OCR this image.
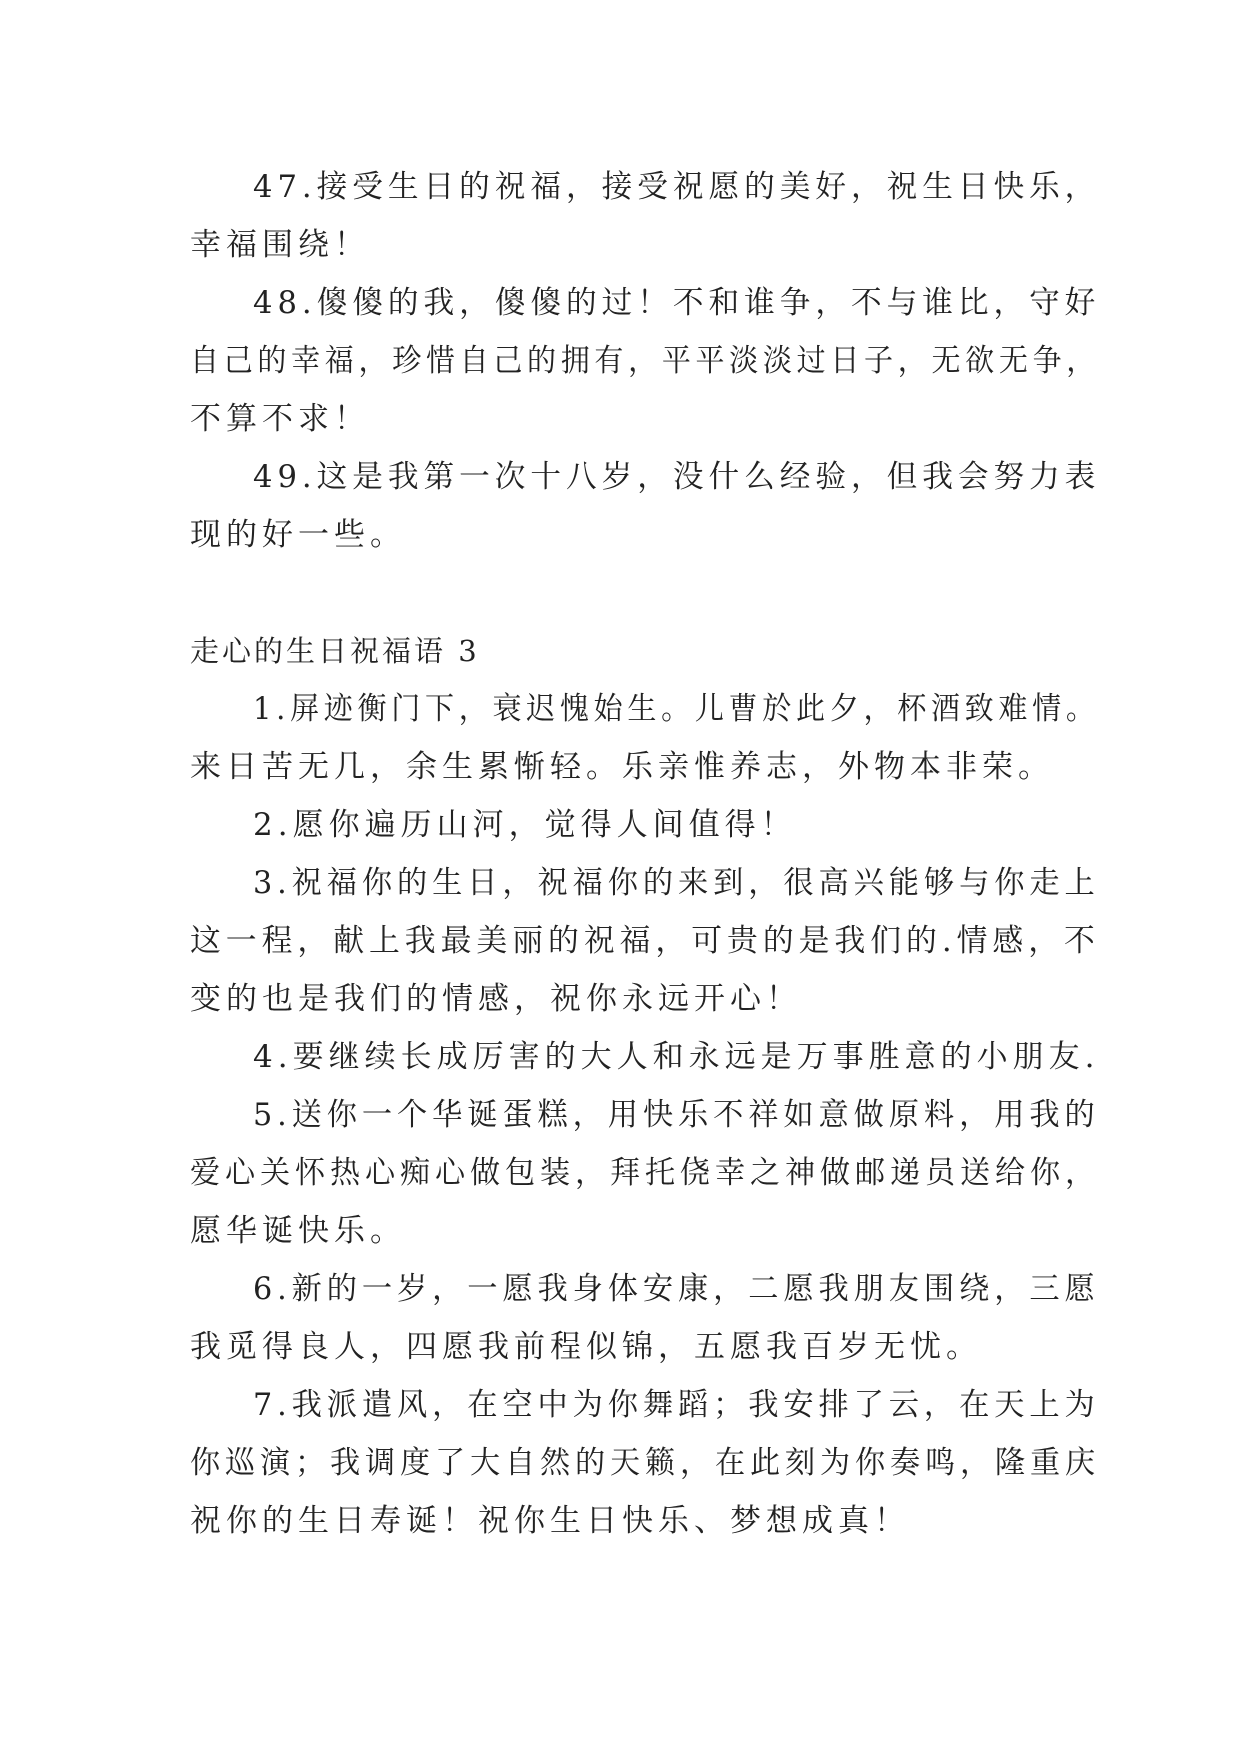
47.接受生日的祝福，接受祝愿的美好，祝生日快乐，
幸福围绕！
48.傻傻的我，傻傻的过！不和谁争，不与谁比，守好
自己的幸福，珍惜自己的拥有，平平淡淡过日子，无欲无争，
不算不求！
49.这是我第一次十八岁，没什么经验，但我会努力表
现的好一些。
走心的生日祝福语 3
1.屏迹衡门下，衰迟愧始生。儿曹於此夕，杯酒致难情。
来日苦无几，余生累惭轻。乐亲惟养志，外物本非荣。
2.愿你遍历山河，觉得人间值得！
3.祝福你的生日，祝福你的来到，很高兴能够与你走上
这一程，献上我最美丽的祝福，可贵的是我们的.情感，不
变的也是我们的情感，祝你永远开心！
4.要继续长成厉害的大人和永远是万事胜意的小朋友.
5.送你一个华诞蛋糕，用快乐不祥如意做原料，用我的
爱心关怀热心痴心做包装，拜托侥幸之神做邮递员送给你，
愿华诞快乐。
6.新的一岁，一愿我身体安康，二愿我朋友围绕，三愿
我觅得良人，四愿我前程似锦，五愿我百岁无忧。
7.我派遣风，在空中为你舞蹈；我安排了云，在天上为
你巡演；我调度了大自然的天籁，在此刻为你奏鸣，隆重庆
祝你的生日寿诞！祝你生日快乐、梦想成真！
